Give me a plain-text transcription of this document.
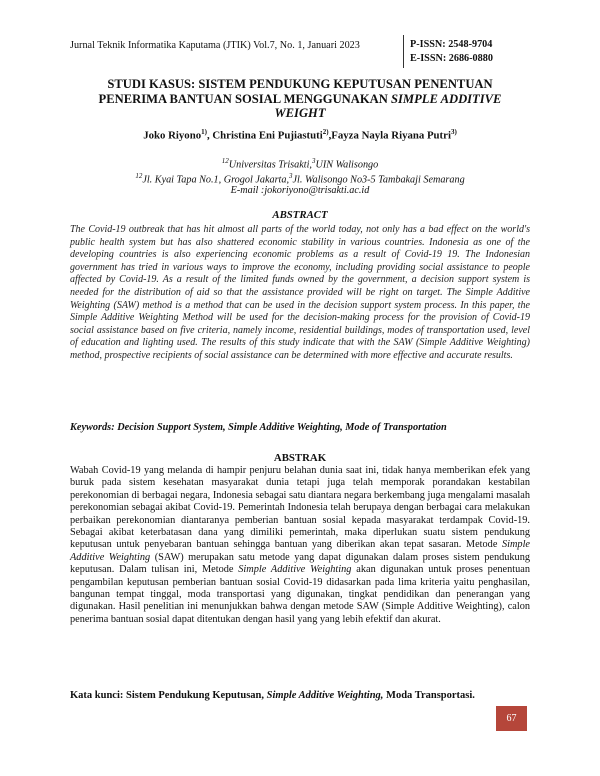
Jurnal Teknik Informatika Kaputama (JTIK) Vol.7, No. 1, Januari 2023	P-ISSN: 2548-9704
E-ISSN: 2686-0880
STUDI KASUS: SISTEM PENDUKUNG KEPUTUSAN PENENTUAN
PENERIMA BANTUAN SOSIAL MENGGUNAKAN SIMPLE ADDITIVE
WEIGHT
Joko Riyono$^{1)}$, Christina Eni Pujiastuti$^{2)}$,Fayza Nayla Riyana Putri$^{3)}$
$^{12}$Universitas Trisakti,$^3$UIN Walisongo
$^{12}$Jl. Kyai Tapa No.1, Grogol Jakarta,$^3$Jl. Walisongo No3-5 Tambakaji Semarang
E-mail :jokoriyono@trisakti.ac.id
ABSTRACT
The Covid-19 outbreak that has hit almost all parts of the world today, not only has a bad effect on the world's public health system but has also shattered economic stability in various countries. Indonesia as one of the developing countries is also experiencing economic problems as a result of Covid-19 19. The Indonesian government has tried in various ways to improve the economy, including providing social assistance to people affected by Covid-19. As a result of the limited funds owned by the government, a decision support system is needed for the distribution of aid so that the assistance provided will be right on target. The Simple Additive Weighting (SAW) method is a method that can be used in the decision support system process. In this paper, the Simple Additive Weighting Method will be used for the decision-making process for the provision of Covid-19 social assistance based on five criteria, namely income, residential buildings, modes of transportation used, level of education and lighting used. The results of this study indicate that with the SAW (Simple Additive Weighting) method, prospective recipients of social assistance can be determined with more effective and accurate results.
Keywords: Decision Support System, Simple Additive Weighting, Mode of Transportation
ABSTRAK
Wabah Covid-19 yang melanda di hampir penjuru belahan dunia saat ini, tidak hanya memberikan efek yang buruk pada sistem kesehatan masyarakat dunia tetapi juga telah memporak porandakan kestabilan perekonomian di berbagai negara, Indonesia sebagai satu diantara negara berkembang juga mengalami masalah perekonomian sebagai akibat Covid-19. Pemerintah Indonesia telah berupaya dengan berbagai cara melakukan perbaikan perekonomian diantaranya pemberian bantuan sosial kepada masyarakat terdampak Covid-19. Sebagai akibat keterbatasan dana yang dimiliki pemerintah, maka diperlukan suatu sistem pendukung keputusan untuk penyebaran bantuan sehingga bantuan yang diberikan akan tepat sasaran. Metode Simple Additive Weighting (SAW) merupakan satu metode yang dapat digunakan dalam proses sistem pendukung keputusan. Dalam tulisan ini, Metode Simple Additive Weighting akan digunakan untuk proses penentuan pengambilan keputusan pemberian bantuan sosial Covid-19 didasarkan pada lima kriteria yaitu penghasilan, bangunan tempat tinggal, moda transportasi yang digunakan, tingkat pendidikan dan penerangan yang digunakan. Hasil penelitian ini menunjukkan bahwa dengan metode SAW (Simple Additive Weighting), calon penerima bantuan sosial dapat ditentukan dengan hasil yang yang lebih efektif dan akurat.
Kata kunci: Sistem Pendukung Keputusan, Simple Additive Weighting, Moda Transportasi.
67
